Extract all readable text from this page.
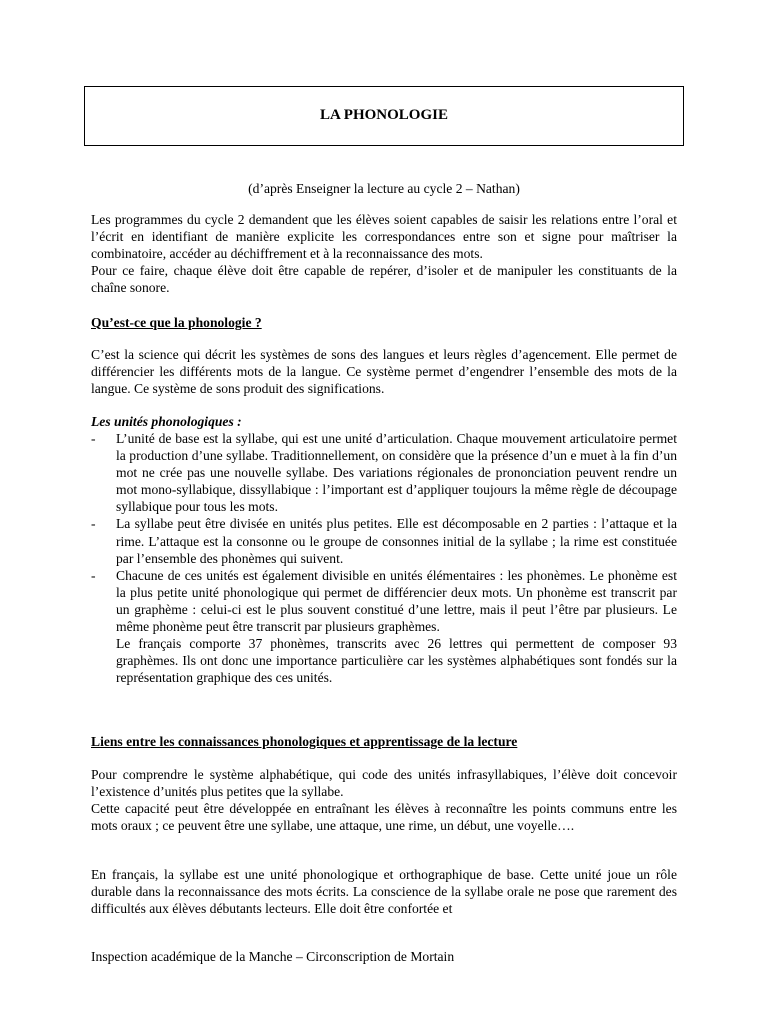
LA PHONOLOGIE
(d’après Enseigner la lecture au cycle 2 – Nathan)
Les programmes du cycle 2 demandent que les élèves soient capables de saisir les relations entre l’oral et l’écrit en identifiant de manière explicite les correspondances entre son et signe pour maîtriser la combinatoire, accéder au déchiffrement et à la reconnaissance des mots.
Pour ce faire, chaque élève doit être capable de repérer, d’isoler et de manipuler les constituants de la chaîne sonore.

Qu’est-ce que la phonologie ?

C’est la science qui décrit les systèmes de sons des langues et leurs règles d’agencement. Elle permet de différencier les différents mots de la langue. Ce système permet d’engendrer l’ensemble des mots de la langue. Ce système de sons produit des significations.

Les unités phonologiques :

- L’unité de base est la syllabe, qui est une unité d’articulation. Chaque mouvement articulatoire permet la production d’une syllabe. Traditionnellement, on considère que la présence d’un e muet à la fin d’un mot ne crée pas une nouvelle syllabe. Des variations régionales de prononciation peuvent rendre un mot mono-syllabique, dissyllabique : l’important est d’appliquer toujours la même règle de découpage syllabique pour tous les mots.
- La syllabe peut être divisée en unités plus petites. Elle est décomposable en 2 parties : l’attaque et la rime. L’attaque est la consonne ou le groupe de consonnes initial de la syllabe ; la rime est constituée par l’ensemble des phonèmes qui suivent.
- Chacune de ces unités est également divisible en unités élémentaires : les phonèmes. Le phonème est la plus petite unité phonologique qui permet de différencier deux mots. Un phonème est transcrit par un graphème : celui-ci est le plus souvent constitué d’une lettre, mais il peut l’être par plusieurs. Le même phonème peut être transcrit par plusieurs graphèmes.
Le français comporte 37 phonèmes, transcrits avec 26 lettres qui permettent de composer 93 graphèmes. Ils ont donc une importance particulière car les systèmes alphabétiques sont fondés sur la représentation graphique des ces unités.

Liens entre les connaissances phonologiques et apprentissage de la lecture

Pour comprendre le système alphabétique, qui code des unités infrasyllabiques, l’élève doit concevoir l’existence d’unités plus petites que la syllabe.
Cette capacité peut être développée en entraînant les élèves à reconnaître les points communs entre les mots oraux ; ce peuvent être une syllabe, une attaque, une rime, un début, une voyelle….

En français, la syllabe est une unité phonologique et orthographique de base. Cette unité joue un rôle durable dans la reconnaissance des mots écrits. La conscience de la syllabe orale ne pose que rarement des difficultés aux élèves débutants lecteurs. Elle doit être confortée et

Inspection académique de la Manche – Circonscription de Mortain
